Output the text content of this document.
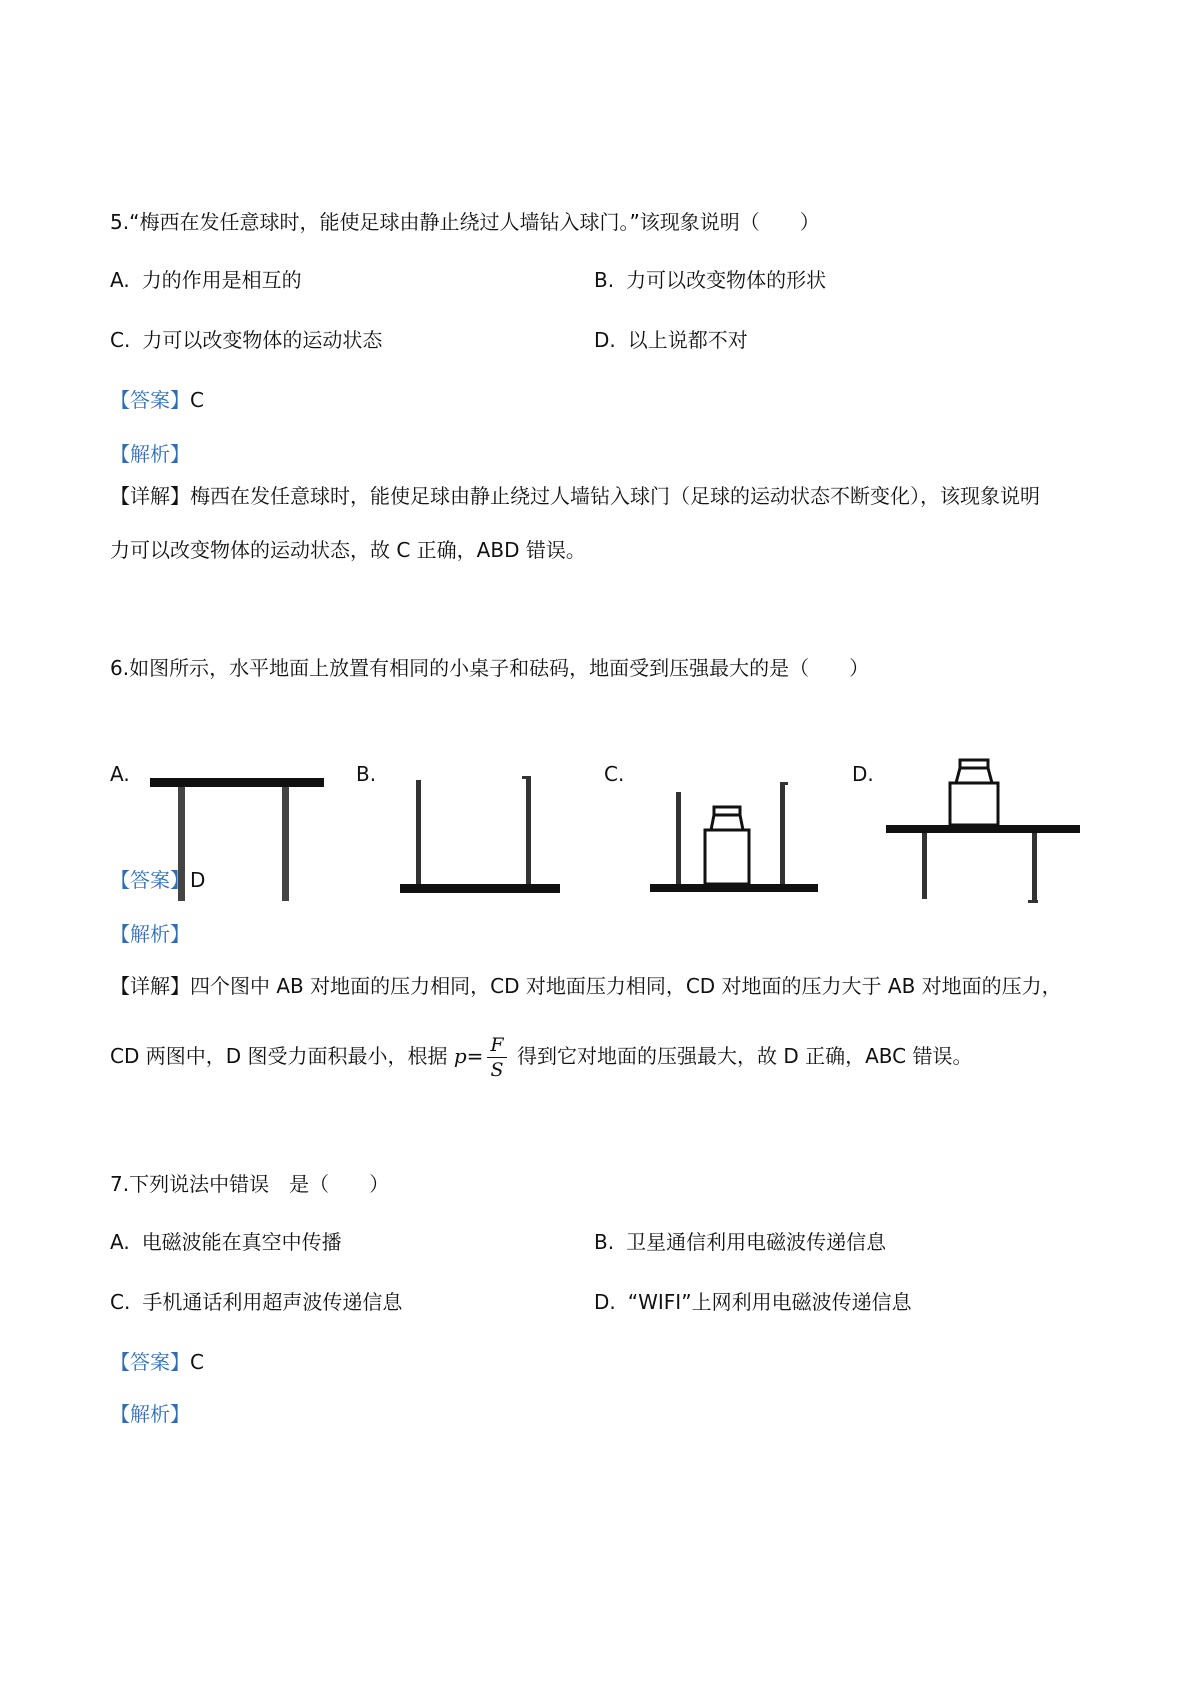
5.“梅西在发任意球时，能使足球由静止绕过人墙钻入球门。”该现象说明（　　）
A. 力的作用是相互的	B. 力可以改变物体的形状
C. 力可以改变物体的运动状态	D. 以上说都不对
【答案】C
【解析】
【详解】梅西在发任意球时，能使足球由静止绕过人墙钻入球门（足球的运动状态不断变化），该现象说明
力可以改变物体的运动状态，故 C 正确，ABD 错误。
6.如图所示，水平地面上放置有相同的小桌子和砝码，地面受到压强最大的是（　　）
A.	B.	C.	D.
【答案】D
【解析】
【详解】四个图中 AB 对地面的压力相同，CD 对地面压力相同，CD 对地面的压力大于 AB 对地面的压力，
CD 两图中，D 图受力面积最小，根据 $p= \frac{F}{S}$ 得到它对地面的压强最大，故 D 正确，ABC 错误。
7.下列说法中错误　是（　　）
A. 电磁波能在真空中传播	B. 卫星通信利用电磁波传递信息
C. 手机通话利用超声波传递信息	D. “WIFI”上网利用电磁波传递信息
【答案】C
【解析】
